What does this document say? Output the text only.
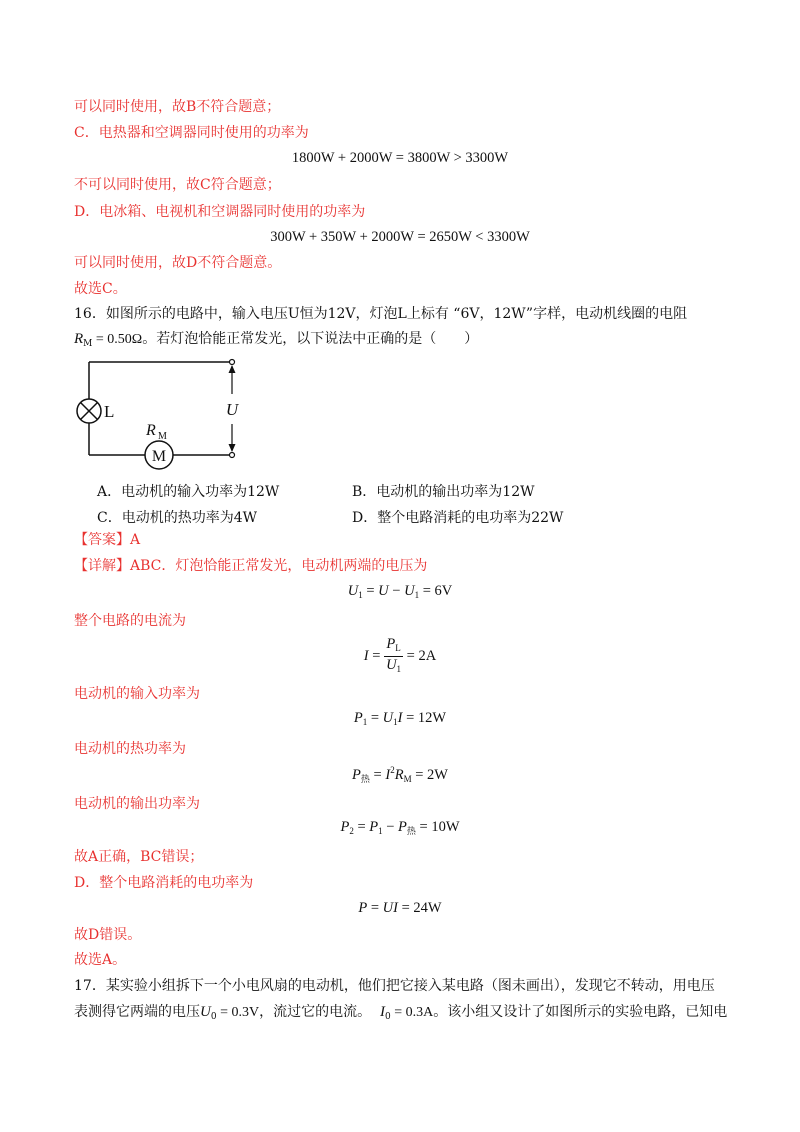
可以同时使用，故B不符合题意；
C．电热器和空调器同时使用的功率为
1800W + 2000W = 3800W > 3300W
不可以同时使用，故C符合题意；
D．电冰箱、电视机和空调器同时使用的功率为
300W + 350W + 2000W = 2650W < 3300W
可以同时使用，故D不符合题意。
故选C。
16．如图所示的电路中，输入电压U恒为12V，灯泡L上标有 “6V，12W”字样，电动机线圈的电阻
$R_M = 0.50\Omega$。若灯泡恰能正常发光，以下说法中正确的是（　　）
L
M
R M
U
A．电动机的输入功率为12W	B．电动机的输出功率为12W
C．电动机的热功率为4W	D．整个电路消耗的电功率为22W
【答案】A
【详解】ABC．灯泡恰能正常发光，电动机两端的电压为
$U_1 = U - U_1 = 6V$
整个电路的电流为
$I = \frac{P_L}{U_1} = 2A$
电动机的输入功率为
$P_1 = U_1I = 12W$
电动机的热功率为
$P_热 = I^2R_M = 2W$
电动机的输出功率为
$P_2 = P_1 - P_热 = 10W$
故A正确，BC错误；
D．整个电路消耗的电功率为
P = UI = 24W
故D错误。
故选A。
17．某实验小组拆下一个小电风扇的电动机，他们把它接入某电路（图未画出），发现它不转动，用电压
表测得它两端的电压$U_0 = 0.3V$，流过它的电流。 $I_0 = 0.3A$。该小组又设计了如图所示的实验电路，已知电
